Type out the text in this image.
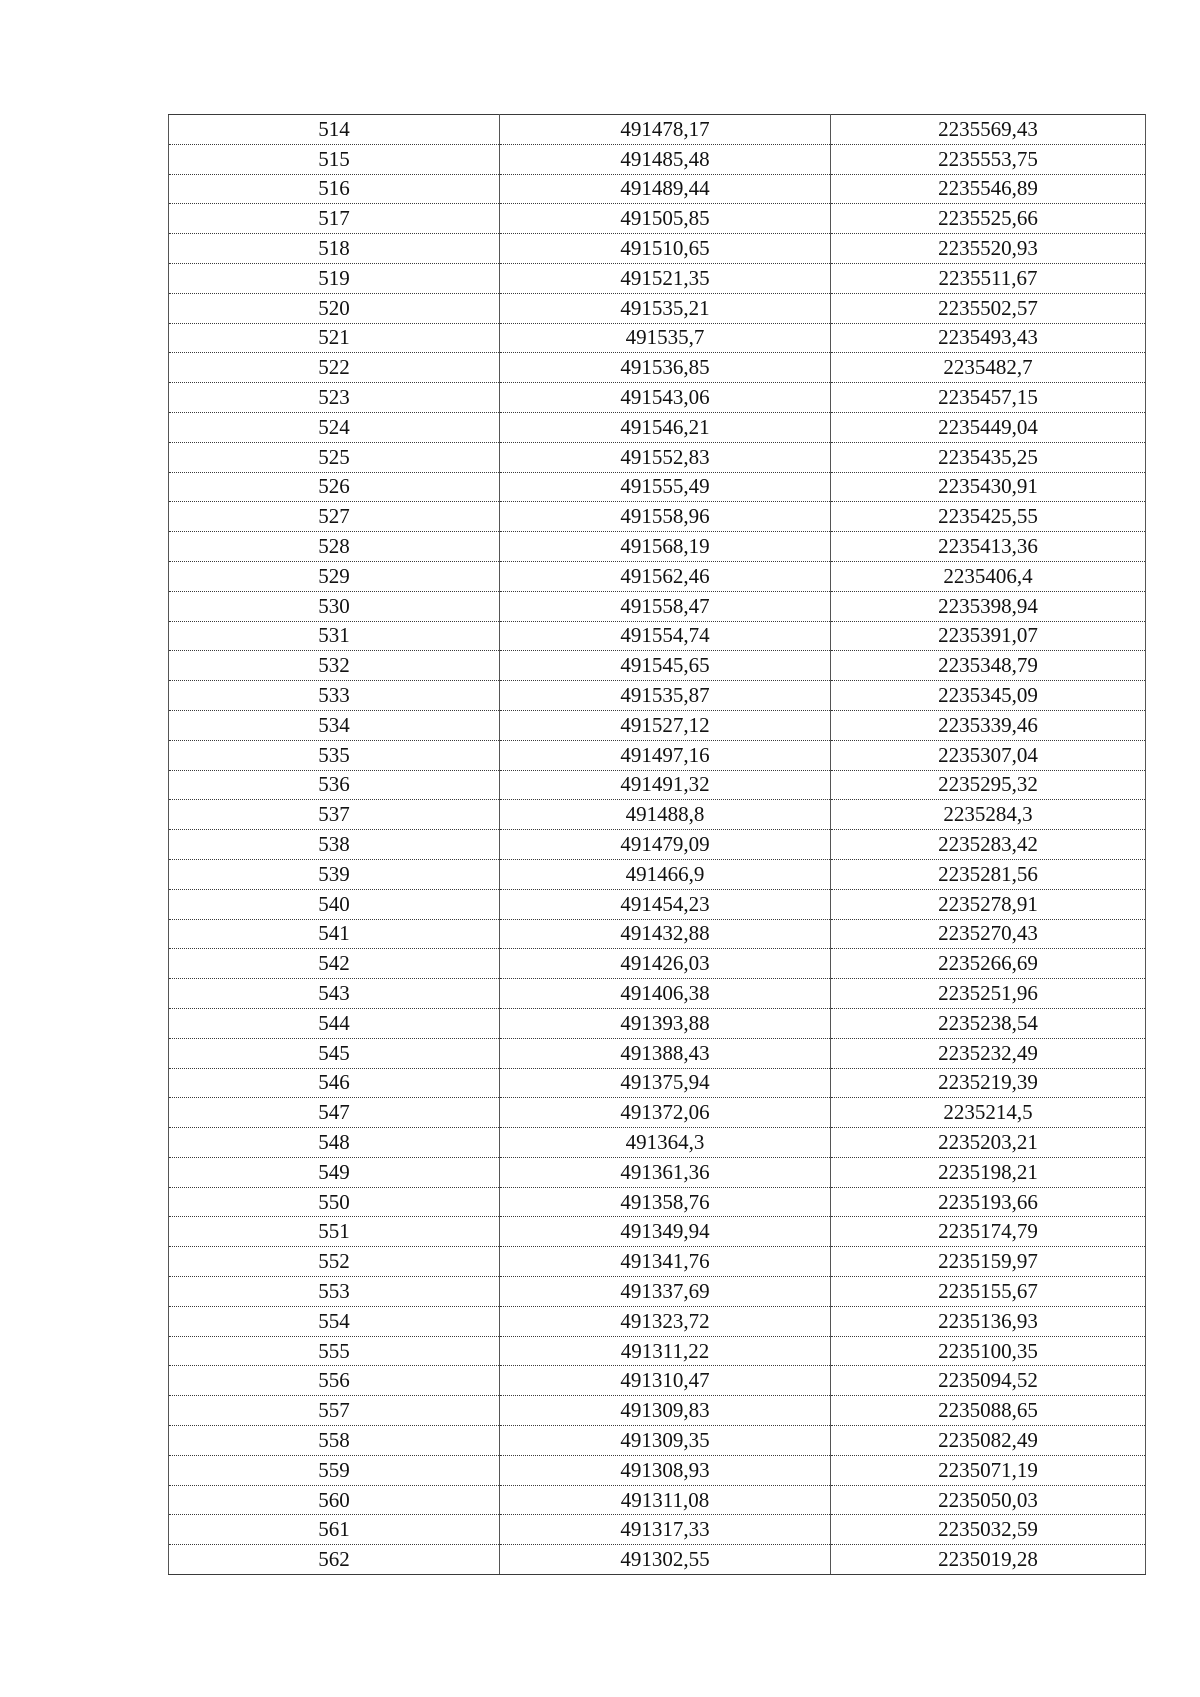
514	491478,17	2235569,43
515	491485,48	2235553,75
516	491489,44	2235546,89
517	491505,85	2235525,66
518	491510,65	2235520,93
519	491521,35	2235511,67
520	491535,21	2235502,57
521	491535,7	2235493,43
522	491536,85	2235482,7
523	491543,06	2235457,15
524	491546,21	2235449,04
525	491552,83	2235435,25
526	491555,49	2235430,91
527	491558,96	2235425,55
528	491568,19	2235413,36
529	491562,46	2235406,4
530	491558,47	2235398,94
531	491554,74	2235391,07
532	491545,65	2235348,79
533	491535,87	2235345,09
534	491527,12	2235339,46
535	491497,16	2235307,04
536	491491,32	2235295,32
537	491488,8	2235284,3
538	491479,09	2235283,42
539	491466,9	2235281,56
540	491454,23	2235278,91
541	491432,88	2235270,43
542	491426,03	2235266,69
543	491406,38	2235251,96
544	491393,88	2235238,54
545	491388,43	2235232,49
546	491375,94	2235219,39
547	491372,06	2235214,5
548	491364,3	2235203,21
549	491361,36	2235198,21
550	491358,76	2235193,66
551	491349,94	2235174,79
552	491341,76	2235159,97
553	491337,69	2235155,67
554	491323,72	2235136,93
555	491311,22	2235100,35
556	491310,47	2235094,52
557	491309,83	2235088,65
558	491309,35	2235082,49
559	491308,93	2235071,19
560	491311,08	2235050,03
561	491317,33	2235032,59
562	491302,55	2235019,28
